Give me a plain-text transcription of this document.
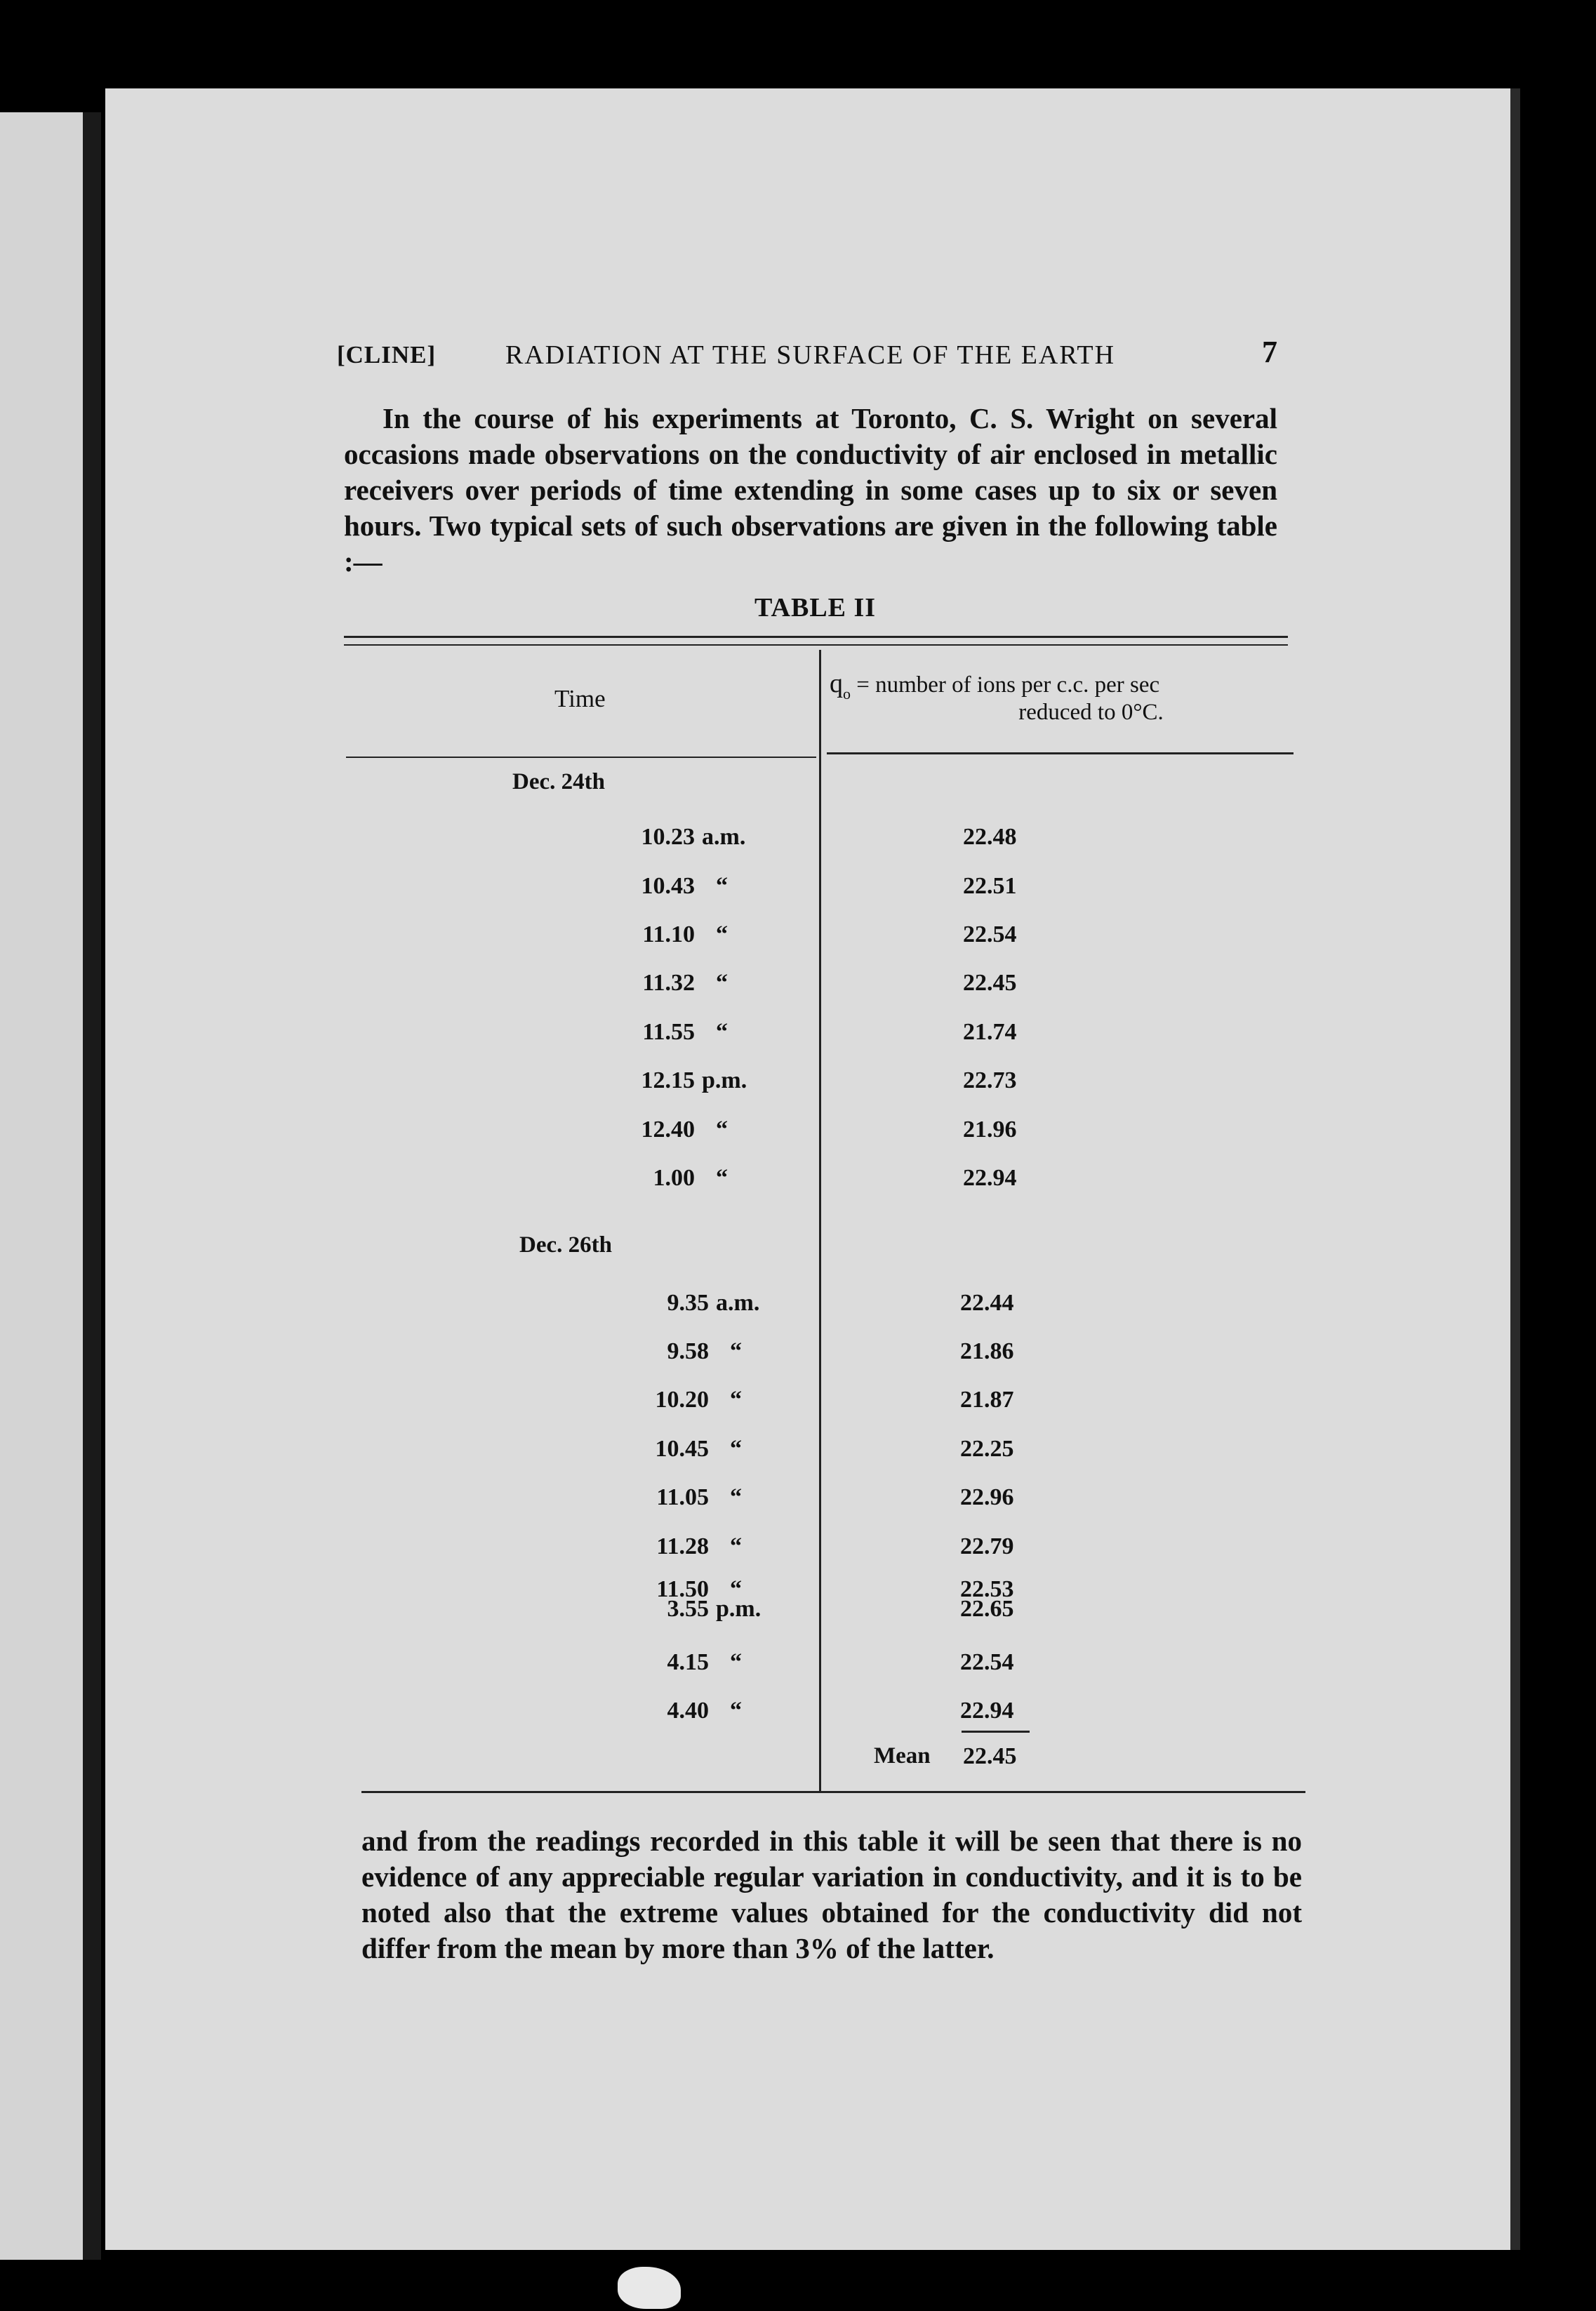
[CLINE]	RADIATION AT THE SURFACE OF THE EARTH	7
In the course of his experiments at Toronto, C. S. Wright on several occasions made observations on the conductivity of air enclosed in metallic receivers over periods of time extending in some cases up to six or seven hours. Two typical sets of such observations are given in the following table :—
TABLE II
Time
$q_o$ = number of ions per c.c. per sec
reduced to 0°C.
Dec. 24th
10.23 a.m.	22.48
10.43 “	22.51
11.10 “	22.54
11.32 “	22.45
11.55 “	21.74
12.15 p.m.	22.73
12.40 “	21.96
1.00 “	22.94
Dec. 26th
9.35 a.m.	22.44
9.58 “	21.86
10.20 “	21.87
10.45 “	22.25
11.05 “	22.96
11.28 “	22.79
11.50 “	22.53
3.55 p.m.	22.65
4.15 “	22.54
4.40 “	22.94
Mean 22.45
and from the readings recorded in this table it will be seen that there is no evidence of any appreciable regular variation in conductivity, and it is to be noted also that the extreme values obtained for the conductivity did not differ from the mean by more than 3% of the latter.
